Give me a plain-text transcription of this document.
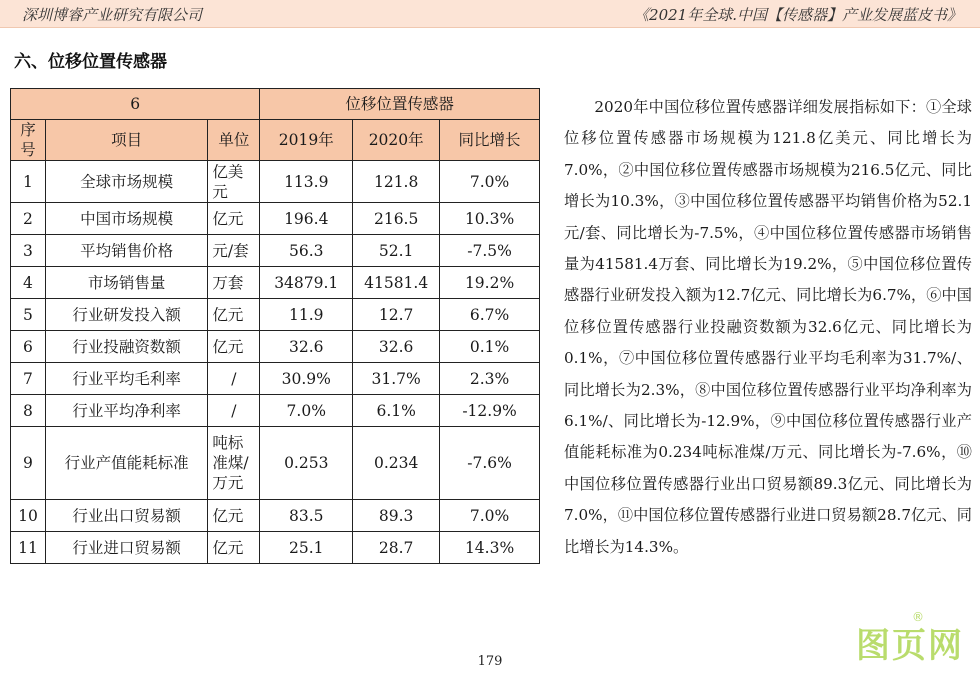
深圳博睿产业研究有限公司	《2021年全球.中国【传感器】产业发展蓝皮书》
六、位移位置传感器
6			位移位置传感器		
序号	项目	单位	2019年	2020年	同比增长
1	全球市场规模	亿美元	113.9	121.8	7.0%
2	中国市场规模	亿元	196.4	216.5	10.3%
3	平均销售价格	元/套	56.3	52.1	-7.5%
4	市场销售量	万套	34879.1	41581.4	19.2%
5	行业研发投入额	亿元	11.9	12.7	6.7%
6	行业投融资数额	亿元	32.6	32.6	0.1%
7	行业平均毛利率	/	30.9%	31.7%	2.3%
8	行业平均净利率	/	7.0%	6.1%	-12.9%
9	行业产值能耗标准	吨标准煤/万元	0.253	0.234	-7.6%
10	行业出口贸易额	亿元	83.5	89.3	7.0%
11	行业进口贸易额	亿元	25.1	28.7	14.3%
2020年中国位移位置传感器详细发展指标如下：①全球位移位置传感器市场规模为121.8亿美元、同比增长为7.0%，②中国位移位置传感器市场规模为216.5亿元、同比增长为10.3%，③中国位移位置传感器平均销售价格为52.1元/套、同比增长为-7.5%，④中国位移位置传感器市场销售量为41581.4万套、同比增长为19.2%，⑤中国位移位置传感器行业研发投入额为12.7亿元、同比增长为6.7%，⑥中国位移位置传感器行业投融资数额为32.6亿元、同比增长为0.1%，⑦中国位移位置传感器行业平均毛利率为31.7%/、同比增长为2.3%，⑧中国位移位置传感器行业平均净利率为6.1%/、同比增长为-12.9%，⑨中国位移位置传感器行业产值能耗标准为0.234吨标准煤/万元、同比增长为-7.6%，⑩中国位移位置传感器行业出口贸易额89.3亿元、同比增长为7.0%，⑪中国位移位置传感器行业进口贸易额28.7亿元、同比增长为14.3%。
179	图页网
®
